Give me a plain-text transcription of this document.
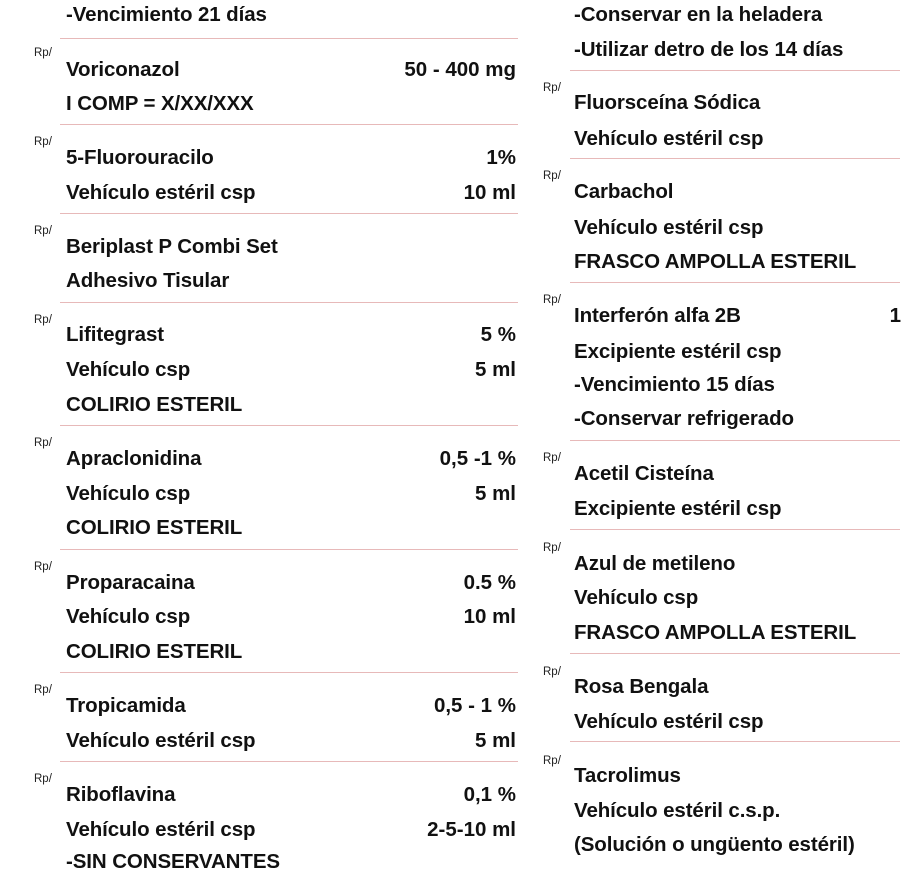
-Vencimiento 21 días
Rp/
Voriconazol	50 - 400 mg
I COMP = X/XX/XXX
Rp/
5-Fluorouracilo	1%
Vehículo estéril csp	10 ml
Rp/
Beriplast P Combi Set
Adhesivo Tisular
Rp/
Lifitegrast	5 %
Vehículo csp	5 ml
COLIRIO ESTERIL
Rp/
Apraclonidina	0,5 -1 %
Vehículo csp	5 ml
COLIRIO ESTERIL
Rp/
Proparacaina	0.5 %
Vehículo csp	10 ml
COLIRIO ESTERIL
Rp/
Tropicamida	0,5 - 1 %
Vehículo estéril csp	5 ml
Rp/
Riboflavina	0,1 %
Vehículo estéril csp	2-5-10 ml
-SIN CONSERVANTES
-Conservar en la heladera
-Utilizar detro de los 14 días
Rp/
Fluorsceína Sódica
Vehículo estéril csp
Rp/
Carbachol
Vehículo estéril csp
FRASCO AMPOLLA ESTERIL
Rp/
Interferón alfa 2B	1
Excipiente estéril csp
-Vencimiento 15 días
-Conservar refrigerado
Rp/
Acetil Cisteína
Excipiente estéril csp
Rp/
Azul de metileno
Vehículo csp
FRASCO AMPOLLA ESTERIL
Rp/
Rosa Bengala
Vehículo estéril csp
Rp/
Tacrolimus
Vehículo estéril c.s.p.
(Solución o ungüento estéril)
